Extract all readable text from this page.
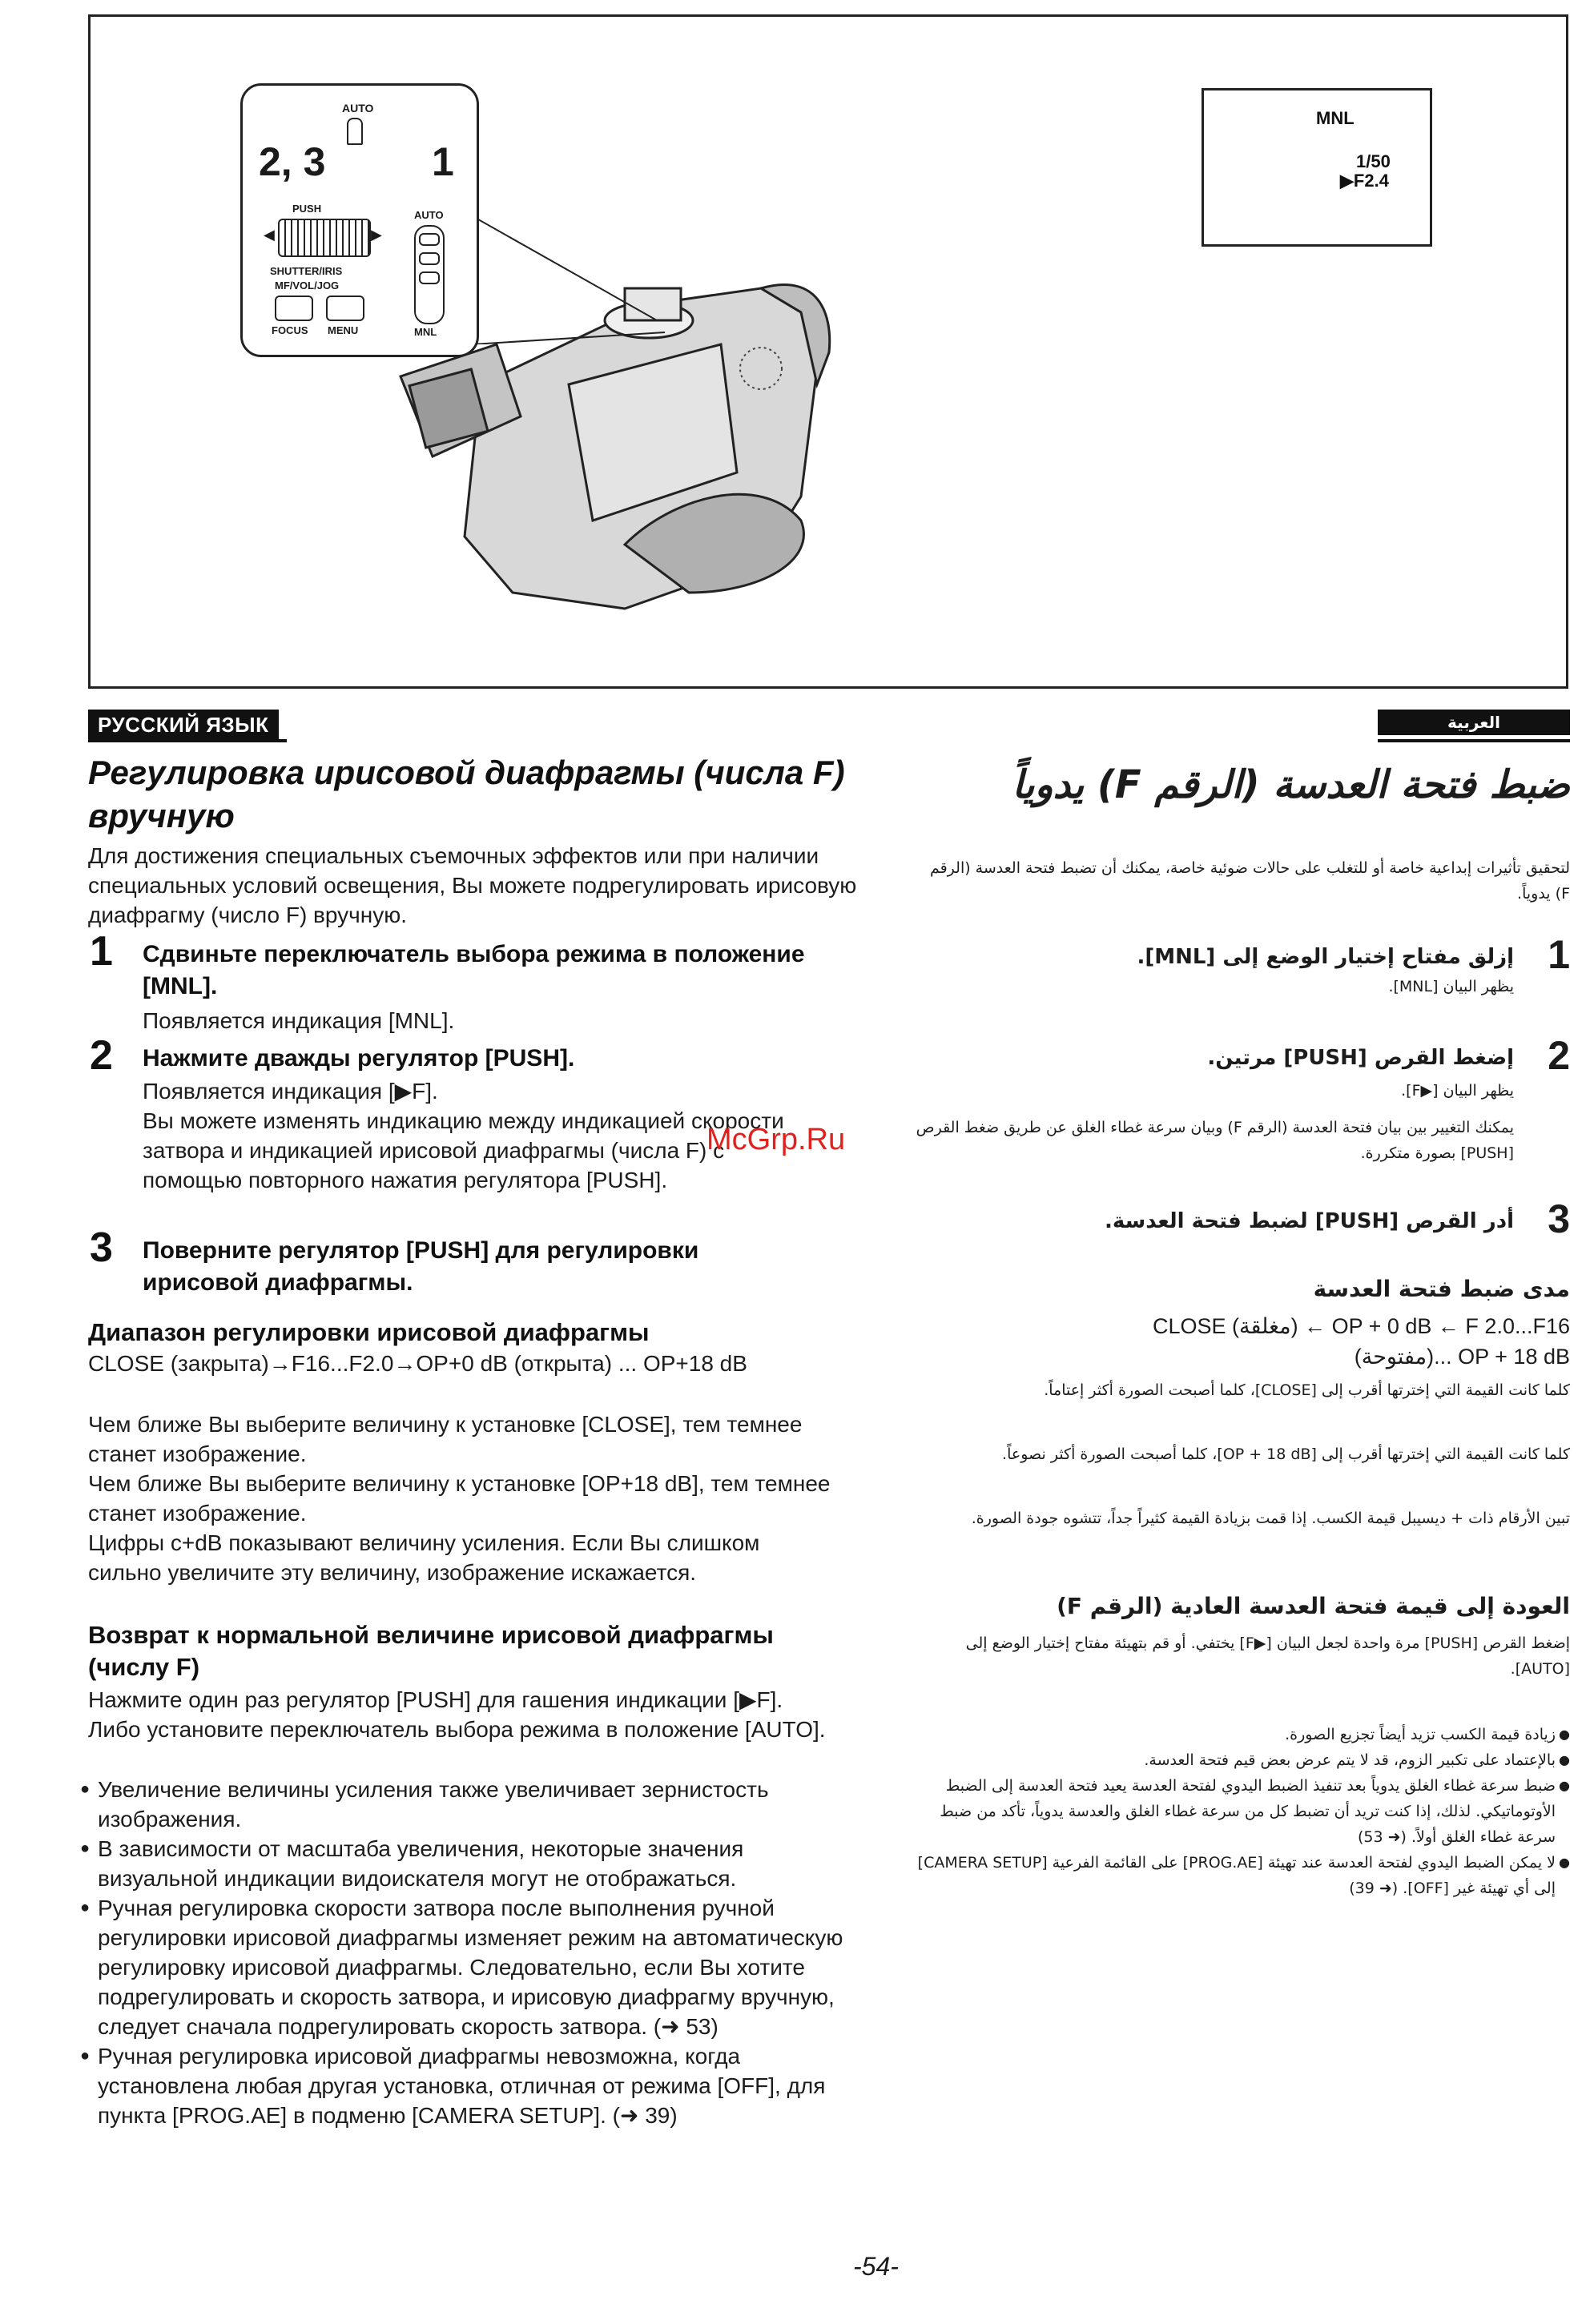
AUTO
2, 3	1
PUSH
◀	▶
SHUTTER/IRIS
MF/VOL/JOG
FOCUS MENU
AUTO
MNL
MNL
1/50
▶F2.4
РУССКИЙ ЯЗЫК	العربية
Регулировка ирисовой диафрагмы (числа F) вручную
Для достижения специальных съемочных эффектов или при наличии специальных условий освещения, Вы можете подрегулировать ирисовую диафрагму (число F) вручную.
1 Сдвиньте переключатель выбора режима в положение [MNL].
Появляется индикация [MNL].
2 Нажмите дважды регулятор [PUSH].
Появляется индикация [▶F].
Вы можете изменять индикацию между индикацией скорости затвора и индикацией ирисовой диафрагмы (числа F) с помощью повторного нажатия регулятора [PUSH].
3 Поверните регулятор [PUSH] для регулировки ирисовой диафрагмы.
Диапазон регулировки ирисовой диафрагмы
CLOSE (закрыта)→F16...F2.0→OP+0 dB (открыта) ... OP+18 dB
Чем ближе Вы выберите величину к установке [CLOSE], тем темнее станет изображение.
Чем ближе Вы выберите величину к установке [OP+18 dB], тем темнее станет изображение.
Цифры c+dB показывают величину усиления. Если Вы слишком сильно увеличите эту величину, изображение искажается.
Возврат к нормальной величине ирисовой диафрагмы (числу F)
Нажмите один раз регулятор [PUSH] для гашения индикации [▶F]. Либо установите переключатель выбора режима в положение [AUTO].
● Увеличение величины усиления также увеличивает зернистость изображения.
● В зависимости от масштаба увеличения, некоторые значения визуальной индикации видоискателя могут не отображаться.
● Ручная регулировка скорости затвора после выполнения ручной регулировки ирисовой диафрагмы изменяет режим на автоматическую регулировку ирисовой диафрагмы. Следовательно, если Вы хотите подрегулировать и скорость затвора, и ирисовую диафрагму вручную, следует сначала подрегулировать скорость затвора. (➜ 53)
● Ручная регулировка ирисовой диафрагмы невозможна, когда установлена любая другая установка, отличная от режима [OFF], для пункта [PROG.AE] в подменю [CAMERA SETUP]. (➜ 39)
ضبط فتحة العدسة (الرقم F) يدوياً
لتحقيق تأثيرات إبداعية خاصة أو للتغلب على حالات ضوئية خاصة، يمكنك أن تضبط فتحة العدسة (الرقم F) يدوياً.
1
إزلق مفتاح إختيار الوضع إلى [MNL].
يظهر البيان [MNL].
2
إضغط القرص [PUSH] مرتين.
يظهر البيان [▶F].
يمكنك التغيير بين بيان فتحة العدسة (الرقم F) وبيان سرعة غطاء الغلق عن طريق ضغط القرص [PUSH] بصورة متكررة.
3
أدر القرص [PUSH] لضبط فتحة العدسة.
مدى ضبط فتحة العدسة
OP + 0 dB ← F 2.0...F16 ← (مغلقة) CLOSE
OP + 18 dB ...(مفتوحة)
كلما كانت القيمة التي إخترتها أقرب إلى [CLOSE]، كلما أصبحت الصورة أكثر إعتاماً.
كلما كانت القيمة التي إخترتها أقرب إلى [OP + 18 dB]، كلما أصبحت الصورة أكثر نصوعاً.
تبين الأرقام ذات + ديسيبل قيمة الكسب. إذا قمت بزيادة القيمة كثيراً جداً، تتشوه جودة الصورة.
العودة إلى قيمة فتحة العدسة العادية (الرقم F)
إضغط القرص [PUSH] مرة واحدة لجعل البيان [▶F] يختفي. أو قم بتهيئة مفتاح إختيار الوضع إلى [AUTO].
● زيادة قيمة الكسب تزيد أيضاً تجزيع الصورة.
● بالإعتماد على تكبير الزوم، قد لا يتم عرض بعض قيم فتحة العدسة.
● ضبط سرعة غطاء الغلق يدوياً بعد تنفيذ الضبط اليدوي لفتحة العدسة يعيد فتحة العدسة إلى الضبط الأوتوماتيكي. لذلك، إذا كنت تريد أن تضبط كل من سرعة غطاء الغلق والعدسة يدوياً، تأكد من ضبط سرعة غطاء الغلق أولاً. (➜ 53)
● لا يمكن الضبط اليدوي لفتحة العدسة عند تهيئة [PROG.AE] على القائمة الفرعية [CAMERA SETUP] إلى أي تهيئة غير [OFF]. (➜ 39)
McGrp.Ru
-54-
